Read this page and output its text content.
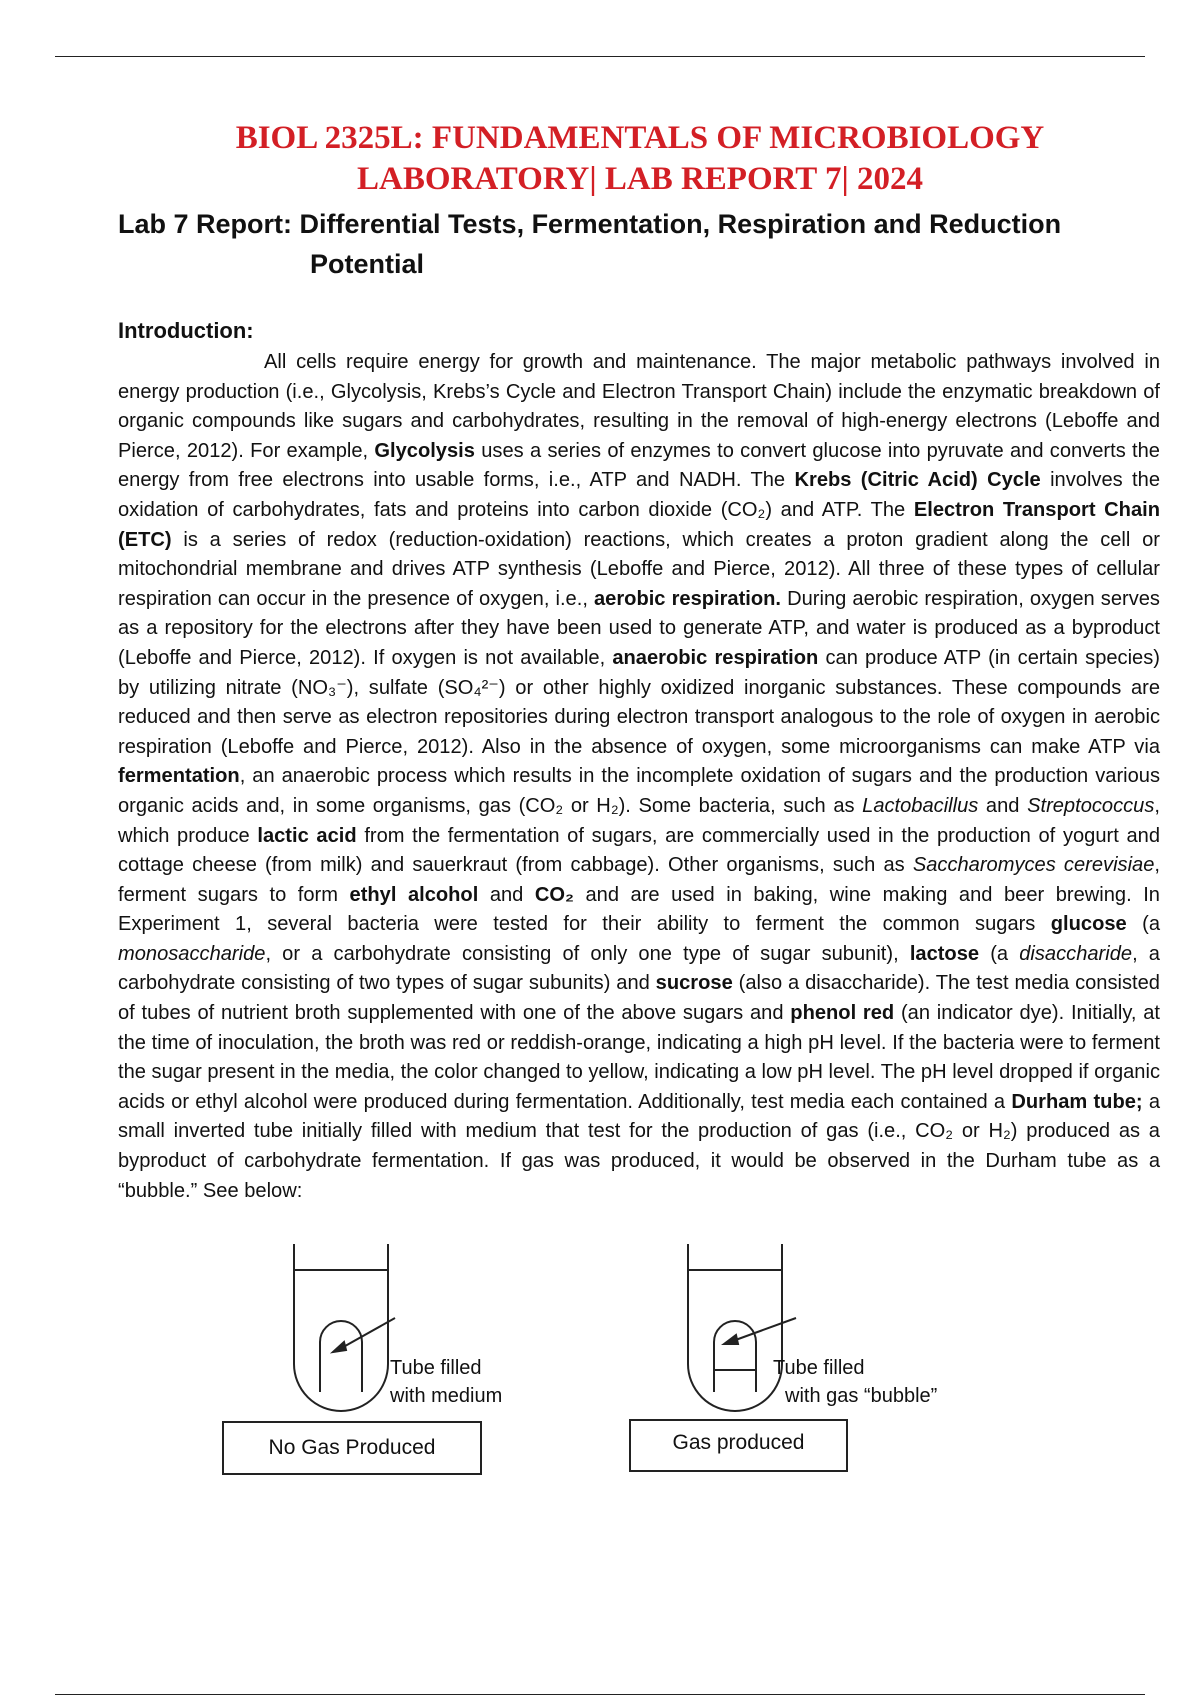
BIOL 2325L: FUNDAMENTALS OF MICROBIOLOGY
LABORATORY| LAB REPORT 7| 2024
Lab 7 Report: Differential Tests, Fermentation, Respiration and Reduction
Potential
Introduction:

All cells require energy for growth and maintenance. The major metabolic pathways involved in energy production (i.e., Glycolysis, Krebs’s Cycle and Electron Transport Chain) include the enzymatic breakdown of organic compounds like sugars and carbohydrates, resulting in the removal of high-energy electrons (Leboffe and Pierce, 2012). For example, Glycolysis uses a series of enzymes to convert glucose into pyruvate and converts the energy from free electrons into usable forms, i.e., ATP and NADH. The Krebs (Citric Acid) Cycle involves the oxidation of carbohydrates, fats and proteins into carbon dioxide (CO₂) and ATP. The Electron Transport Chain (ETC) is a series of redox (reduction-oxidation) reactions, which creates a proton gradient along the cell or mitochondrial membrane and drives ATP synthesis (Leboffe and Pierce, 2012). All three of these types of cellular respiration can occur in the presence of oxygen, i.e., aerobic respiration. During aerobic respiration, oxygen serves as a repository for the electrons after they have been used to generate ATP, and water is produced as a byproduct (Leboffe and Pierce, 2012). If oxygen is not available, anaerobic respiration can produce ATP (in certain species) by utilizing nitrate (NO₃⁻), sulfate (SO₄²⁻) or other highly oxidized inorganic substances. These compounds are reduced and then serve as electron repositories during electron transport analogous to the role of oxygen in aerobic respiration (Leboffe and Pierce, 2012). Also in the absence of oxygen, some microorganisms can make ATP via fermentation, an anaerobic process which results in the incomplete oxidation of sugars and the production various organic acids and, in some organisms, gas (CO₂ or H₂). Some bacteria, such as Lactobacillus and Streptococcus, which produce lactic acid from the fermentation of sugars, are commercially used in the production of yogurt and cottage cheese (from milk) and sauerkraut (from cabbage). Other organisms, such as Saccharomyces cerevisiae, ferment sugars to form ethyl alcohol and CO₂ and are used in baking, wine making and beer brewing. In Experiment 1, several bacteria were tested for their ability to ferment the common sugars glucose (a monosaccharide, or a carbohydrate consisting of only one type of sugar subunit), lactose (a disaccharide, a carbohydrate consisting of two types of sugar subunits) and sucrose (also a disaccharide). The test media consisted of tubes of nutrient broth supplemented with one of the above sugars and phenol red (an indicator dye). Initially, at the time of inoculation, the broth was red or reddish-orange, indicating a high pH level. If the bacteria were to ferment the sugar present in the media, the color changed to yellow, indicating a low pH level. The pH level dropped if organic acids or ethyl alcohol were produced during fermentation. Additionally, test media each contained a Durham tube; a small inverted tube initially filled with medium that test for the production of gas (i.e., CO₂ or H₂) produced as a byproduct of carbohydrate fermentation. If gas was produced, it would be observed in the Durham tube as a “bubble.” See below:

Tube filled
with medium
Tube filled
with gas “bubble”
No Gas Produced	Gas produced
